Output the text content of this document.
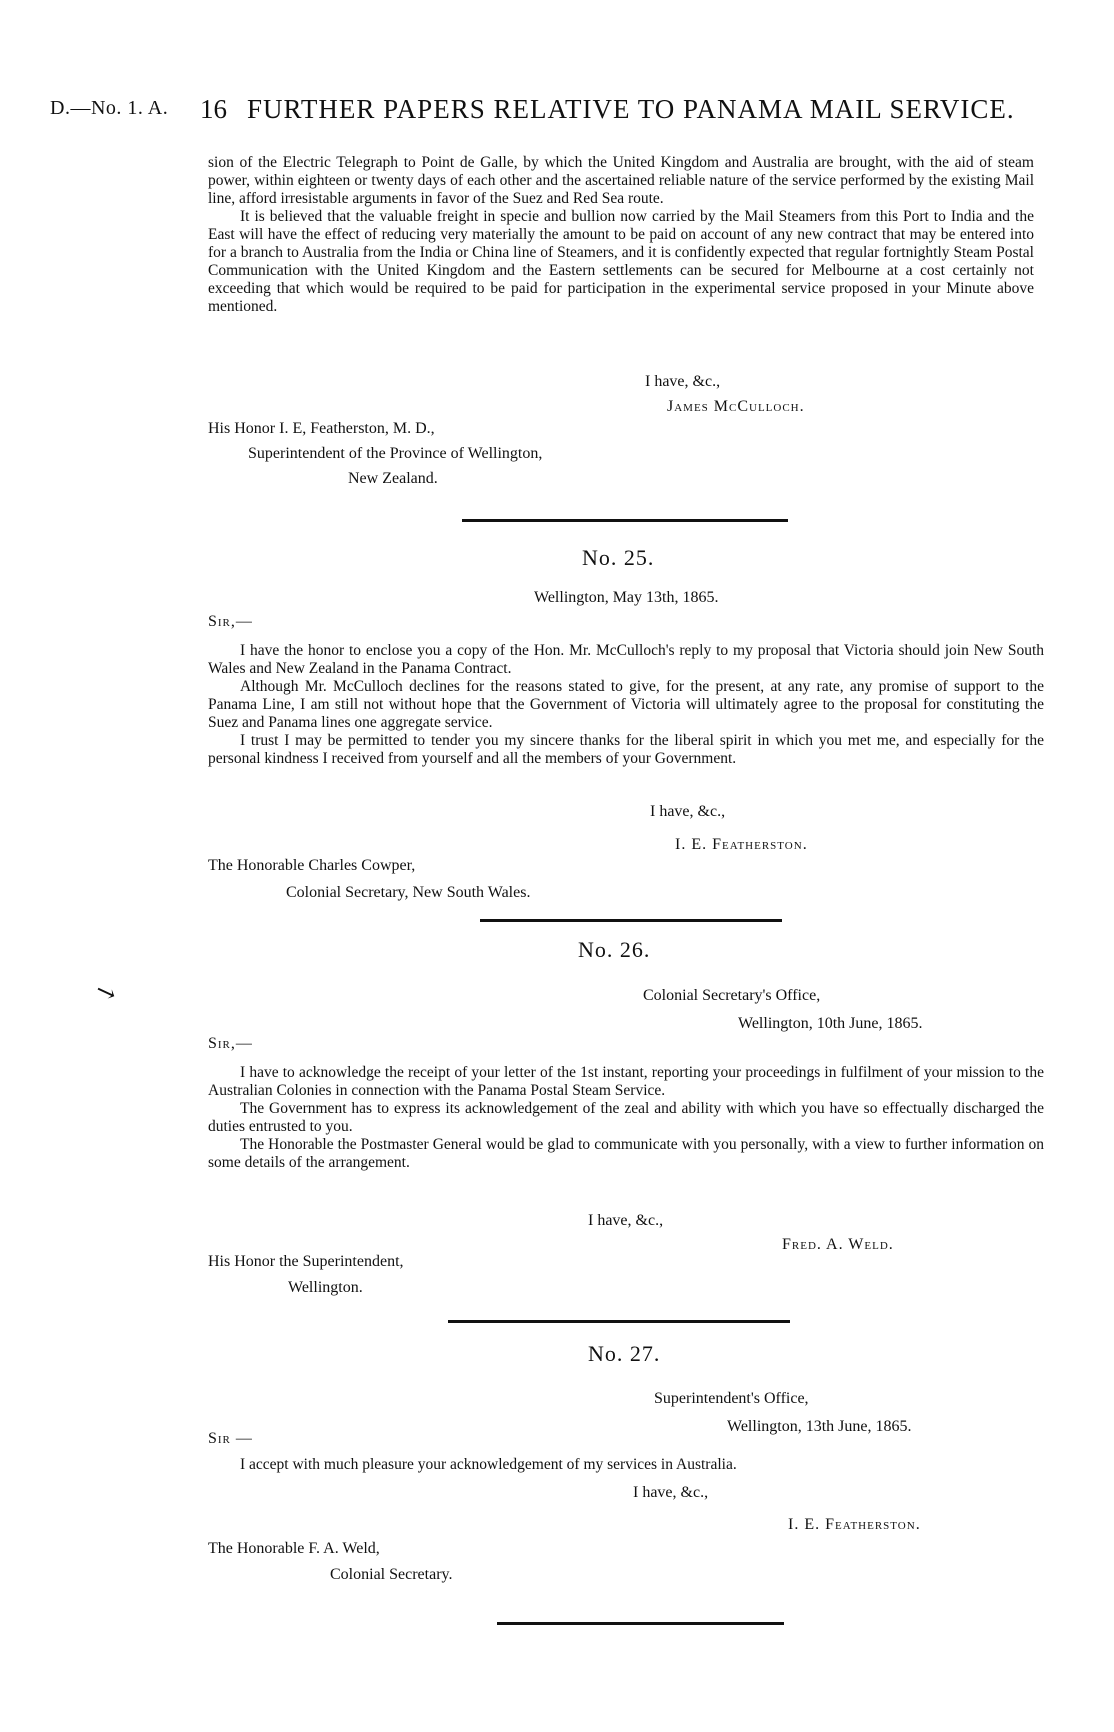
D.—No. 1. A. 16 FURTHER PAPERS RELATIVE TO PANAMA MAIL SERVICE.

sion of the Electric Telegraph to Point de Galle, by which the United Kingdom and Australia are brought, with the aid of steam power, within eighteen or twenty days of each other and the ascertained reliable nature of the service performed by the existing Mail line, afford irresistable arguments in favor of the Suez and Red Sea route.

It is believed that the valuable freight in specie and bullion now carried by the Mail Steamers from this Port to India and the East will have the effect of reducing very materially the amount to be paid on account of any new contract that may be entered into for a branch to Australia from the India or China line of Steamers, and it is confidently expected that regular fortnightly Steam Postal Communication with the United Kingdom and the Eastern settlements can be secured for Melbourne at a cost certainly not exceeding that which would be required to be paid for participation in the experimental service proposed in your Minute above mentioned.

I have, &c.,
James McCulloch.
His Honor I. E, Featherston, M. D.,
Superintendent of the Province of Wellington,
New Zealand.
No. 25.
Wellington, May 13th, 1865.
Sir,—

I have the honor to enclose you a copy of the Hon. Mr. McCulloch's reply to my proposal that Victoria should join New South Wales and New Zealand in the Panama Contract.

Although Mr. McCulloch declines for the reasons stated to give, for the present, at any rate, any promise of support to the Panama Line, I am still not without hope that the Government of Victoria will ultimately agree to the proposal for constituting the Suez and Panama lines one aggregate service.

I trust I may be permitted to tender you my sincere thanks for the liberal spirit in which you met me, and especially for the personal kindness I received from yourself and all the members of your Government.

I have, &c.,
I. E. Featherston.
The Honorable Charles Cowper,
Colonial Secretary, New South Wales.
No. 26.
↘	Colonial Secretary's Office,
Wellington, 10th June, 1865.
Sir,—

I have to acknowledge the receipt of your letter of the 1st instant, reporting your proceedings in fulfilment of your mission to the Australian Colonies in connection with the Panama Postal Steam Service.

The Government has to express its acknowledgement of the zeal and ability with which you have so effectually discharged the duties entrusted to you.

The Honorable the Postmaster General would be glad to communicate with you personally, with a view to further information on some details of the arrangement.

I have, &c.,
Fred. A. Weld.
His Honor the Superintendent,
Wellington.
No. 27.
Superintendent's Office,
Wellington, 13th June, 1865.
Sir —

I accept with much pleasure your acknowledgement of my services in Australia.

I have, &c.,
I. E. Featherston.
The Honorable F. A. Weld,
Colonial Secretary.
